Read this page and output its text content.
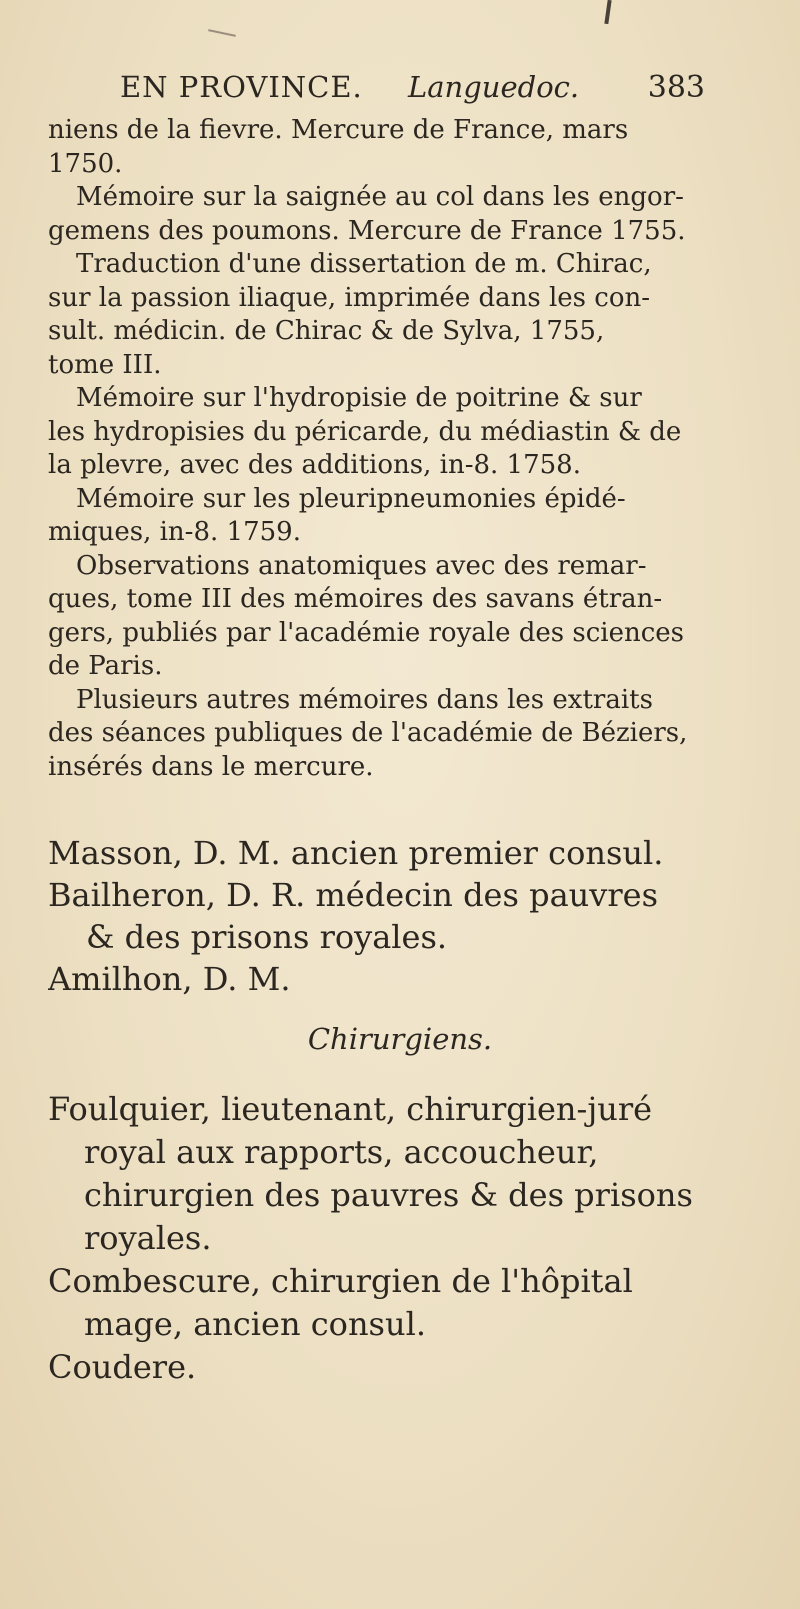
EN PROVINCE. Languedoc. 383
niens de la fievre. Mercure de France, mars
1750.
Mémoire sur la saignée au col dans les engor-
gemens des poumons. Mercure de France 1755.
Traduction d'une dissertation de m. Chirac,
sur la passion iliaque, imprimée dans les con-
sult. médicin. de Chirac & de Sylva, 1755,
tome III.
Mémoire sur l'hydropisie de poitrine & sur
les hydropisies du péricarde, du médiastin & de
la plevre, avec des additions, in-8. 1758.
Mémoire sur les pleuripneumonies épidé-
miques, in-8. 1759.
Observations anatomiques avec des remar-
ques, tome III des mémoires des savans étran-
gers, publiés par l'académie royale des sciences
de Paris.
Plusieurs autres mémoires dans les extraits
des séances publiques de l'académie de Béziers,
insérés dans le mercure.
Masson, D. M. ancien premier consul.
Bailheron, D. R. médecin des pauvres
& des prisons royales.
Amilhon, D. M.
Chirurgiens.
Foulquier, lieutenant, chirurgien-juré
royal aux rapports, accoucheur,
chirurgien des pauvres & des prisons
royales.
Combescure, chirurgien de l'hôpital
mage, ancien consul.
Coudere.
